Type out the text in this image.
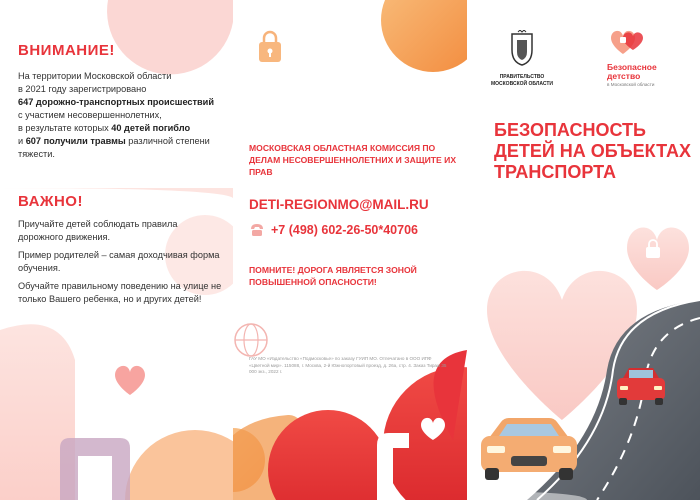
ВНИМАНИЕ!
На территории Московской области
в 2021 году зарегистрировано
647 дорожно-транспортных происшествий
с участием несовершеннолетних,
в результате которых 40 детей погибло
и 607 получили травмы различной степени
тяжести.
ВАЖНО!

Приучайте детей соблюдать правила дорожного движения.

Пример родителей – самая доходчивая форма обучения.

Обучайте правильному поведению на улице не только Вашего ребенка, но и других детей!

МОСКОВСКАЯ ОБЛАСТНАЯ КОМИССИЯ ПО ДЕЛАМ НЕСОВЕРШЕННОЛЕТНИХ И ЗАЩИТЕ ИХ ПРАВ
DETI-REGIONMO@MAIL.RU
+7 (498) 602-26-50*40706
ПОМНИТЕ! ДОРОГА ЯВЛЯЕТСЯ ЗОНОЙ ПОВЫШЕННОЙ ОПАСНОСТИ!
ГАУ МО «Издательство «Подмосковье» по заказу ГУИП МО. Отпечатано в ООО ИПФ «Цветной мир». 115088, г. Москва, 2-й Южнопортовый проезд, д. 26а, стр. 4. Заказ Тираж 35 000 экз., 2022 г.
ПРАВИТЕЛЬСТВО МОСКОВСКОЙ ОБЛАСТИ
Безопасное детство
в Московской области
БЕЗОПАСНОСТЬ ДЕТЕЙ НА ОБЪЕКТАХ ТРАНСПОРТА
